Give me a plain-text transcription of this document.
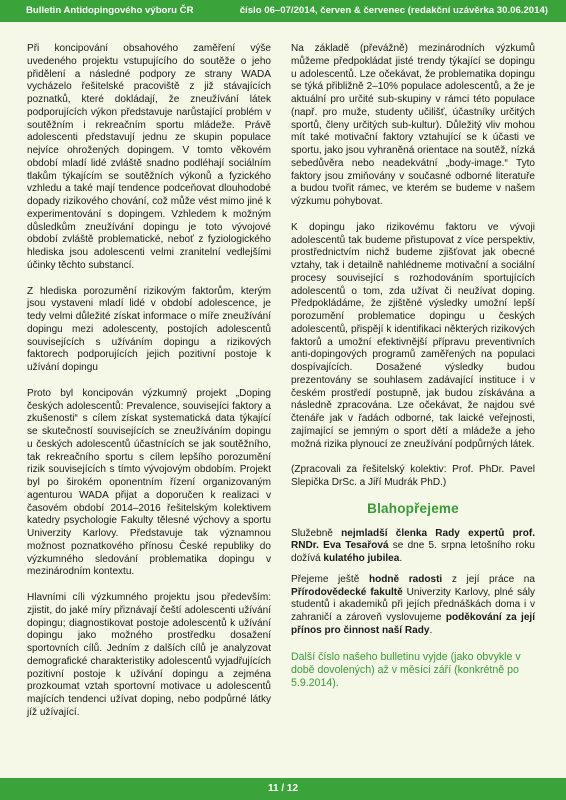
Bulletin Antidopingového výboru ČR	číslo 06–07/2014, červen & červenec (redakční uzávěrka 30.06.2014)

Při koncipování obsahového zaměření výše uvedeného projektu vstupujícího do soutěže o jeho přidělení a následné podpory ze strany WADA vycházelo řešitelské pracoviště z již stávajících poznatků, které dokládají, že zneužívání látek podporujících výkon představuje narůstající problém v soutěžním i rekreačním sportu mládeže. Právě adolescenti představují jednu ze skupin populace nejvíce ohrožených dopingem. V tomto věkovém období mladí lidé zvláště snadno podléhají sociálním tlakům týkajícím se soutěžních výkonů a fyzického vzhledu a také mají tendence podceňovat dlouhodobé dopady rizikového chování, což může vést mimo jiné k experimentování s dopingem. Vzhledem k možným důsledkům zneužívání dopingu je toto vývojové období zvláště problematické, neboť z fyziologického hlediska jsou adolescenti velmi zranitelní vedlejšími účinky těchto substancí.

Z hlediska porozumění rizikovým faktorům, kterým jsou vystaveni mladí lidé v období adolescence, je tedy velmi důležité získat informace o míře zneužívání dopingu mezi adolescenty, postojích adolescentů souvisejících s užíváním dopingu a rizikových faktorech podporujících jejich pozitivní postoje k užívání dopingu

Proto byl koncipován výzkumný projekt „Doping českých adolescentů: Prevalence, souvisejíci faktory a zkušenosti“ s cílem získat systematická data týkající se skutečností souvisejících se zneužíváním dopingu u českých adolescentů účastnících se jak soutěžního, tak rekreačního sportu s cílem lepšího porozumění rizik souvisejících s tímto vývojovým obdobím. Projekt byl po širokém oponentním řízení organizovaným agenturou WADA přijat a doporučen k realizaci v časovém období 2014–2016 řešitelským kolektivem katedry psychologie Fakulty tělesné výchovy a sportu Univerzity Karlovy. Představuje tak významnou možnost poznatkového přínosu České republiky do výzkumného sledování problematika dopingu v mezinárodním kontextu.

Hlavními cíli výzkumného projektu jsou především: zjistit, do jaké míry přiznávají čeští adolescenti užívání dopingu; diagnostikovat postoje adolescentů k užívání dopingu jako možného prostředku dosažení sportovních cílů. Jedním z dalších cílů je analyzovat demografické charakteristiky adolescentů vyjadřujících pozitivní postoje k užívání dopingu a zejména prozkoumat vztah sportovní motivace u adolescentů majících tendenci užívat doping, nebo podpůrné látky jíž užívající.

Na základě (převážně) mezinárodních výzkumů můžeme předpokládat jisté trendy týkající se dopingu u adolescentů. Lze očekávat, že problematika dopingu se týká přibližně 2–10% populace adolescentů, a že je aktuální pro určité sub-skupiny v rámci této populace (např. pro muže, studenty učilišť, účastníky určitých sportů, členy určitých sub-kultur). Důležitý vliv mohou mít také motivační faktory vztahující se k účasti ve sportu, jako jsou vyhraněná orientace na soutěž, nízká sebedůvěra nebo neadekvátní „body-image.“ Tyto faktory jsou zmiňovány v současné odborné literatuře a budou tvořit rámec, ve kterém se budeme v našem výzkumu pohybovat.

K dopingu jako rizikovému faktoru ve vývoji adolescentů tak budeme přistupovat z více perspektiv, prostřednictvím nichž budeme zjišťovat jak obecné vztahy, tak i detailně nahlédneme motivační a sociální procesy související s rozhodováním sportujících adolescentů o tom, zda užívat či neužívat doping. Předpokládáme, že zjištěné výsledky umožní lepší porozumění problematice dopingu u českých adolescentů, přispějí k identifikaci některých rizikových faktorů a umožní efektivnější přípravu preventivních anti-dopingových programů zaměřených na populaci dospívajících. Dosažené výsledky budou prezentovány se souhlasem zadávající instituce i v českém prostředí postupně, jak budou získávána a následně zpracována. Lze očekávat, že najdou své čtenáře jak v řadách odborné, tak laické veřejnosti, zajímající se jemným o sport dětí a mládeže a jeho možná rizika plynoucí ze zneužívání podpůrných látek.

(Zpracovali za řešitelský kolektiv: Prof. PhDr. Pavel Slepička DrSc. a Jiří Mudrák PhD.)

Blahopřejeme

Služebně nejmladší členka Rady expertů prof. RNDr. Eva Tesařová se dne 5. srpna letošního roku dožívá kulatého jubilea.

Přejeme ještě hodně radosti z její práce na Přírodovědecké fakultě Univerzity Karlovy, plné sály studentů i akademiků při jejích přednáškách doma i v zahraničí a zároveň vyslovujeme poděkování za její přínos pro činnost naší Rady.

Další číslo našeho bulletinu vyjde (jako obvykle v době dovolených) až v měsíci září (konkrétně po 5.9.2014).

11 / 12
